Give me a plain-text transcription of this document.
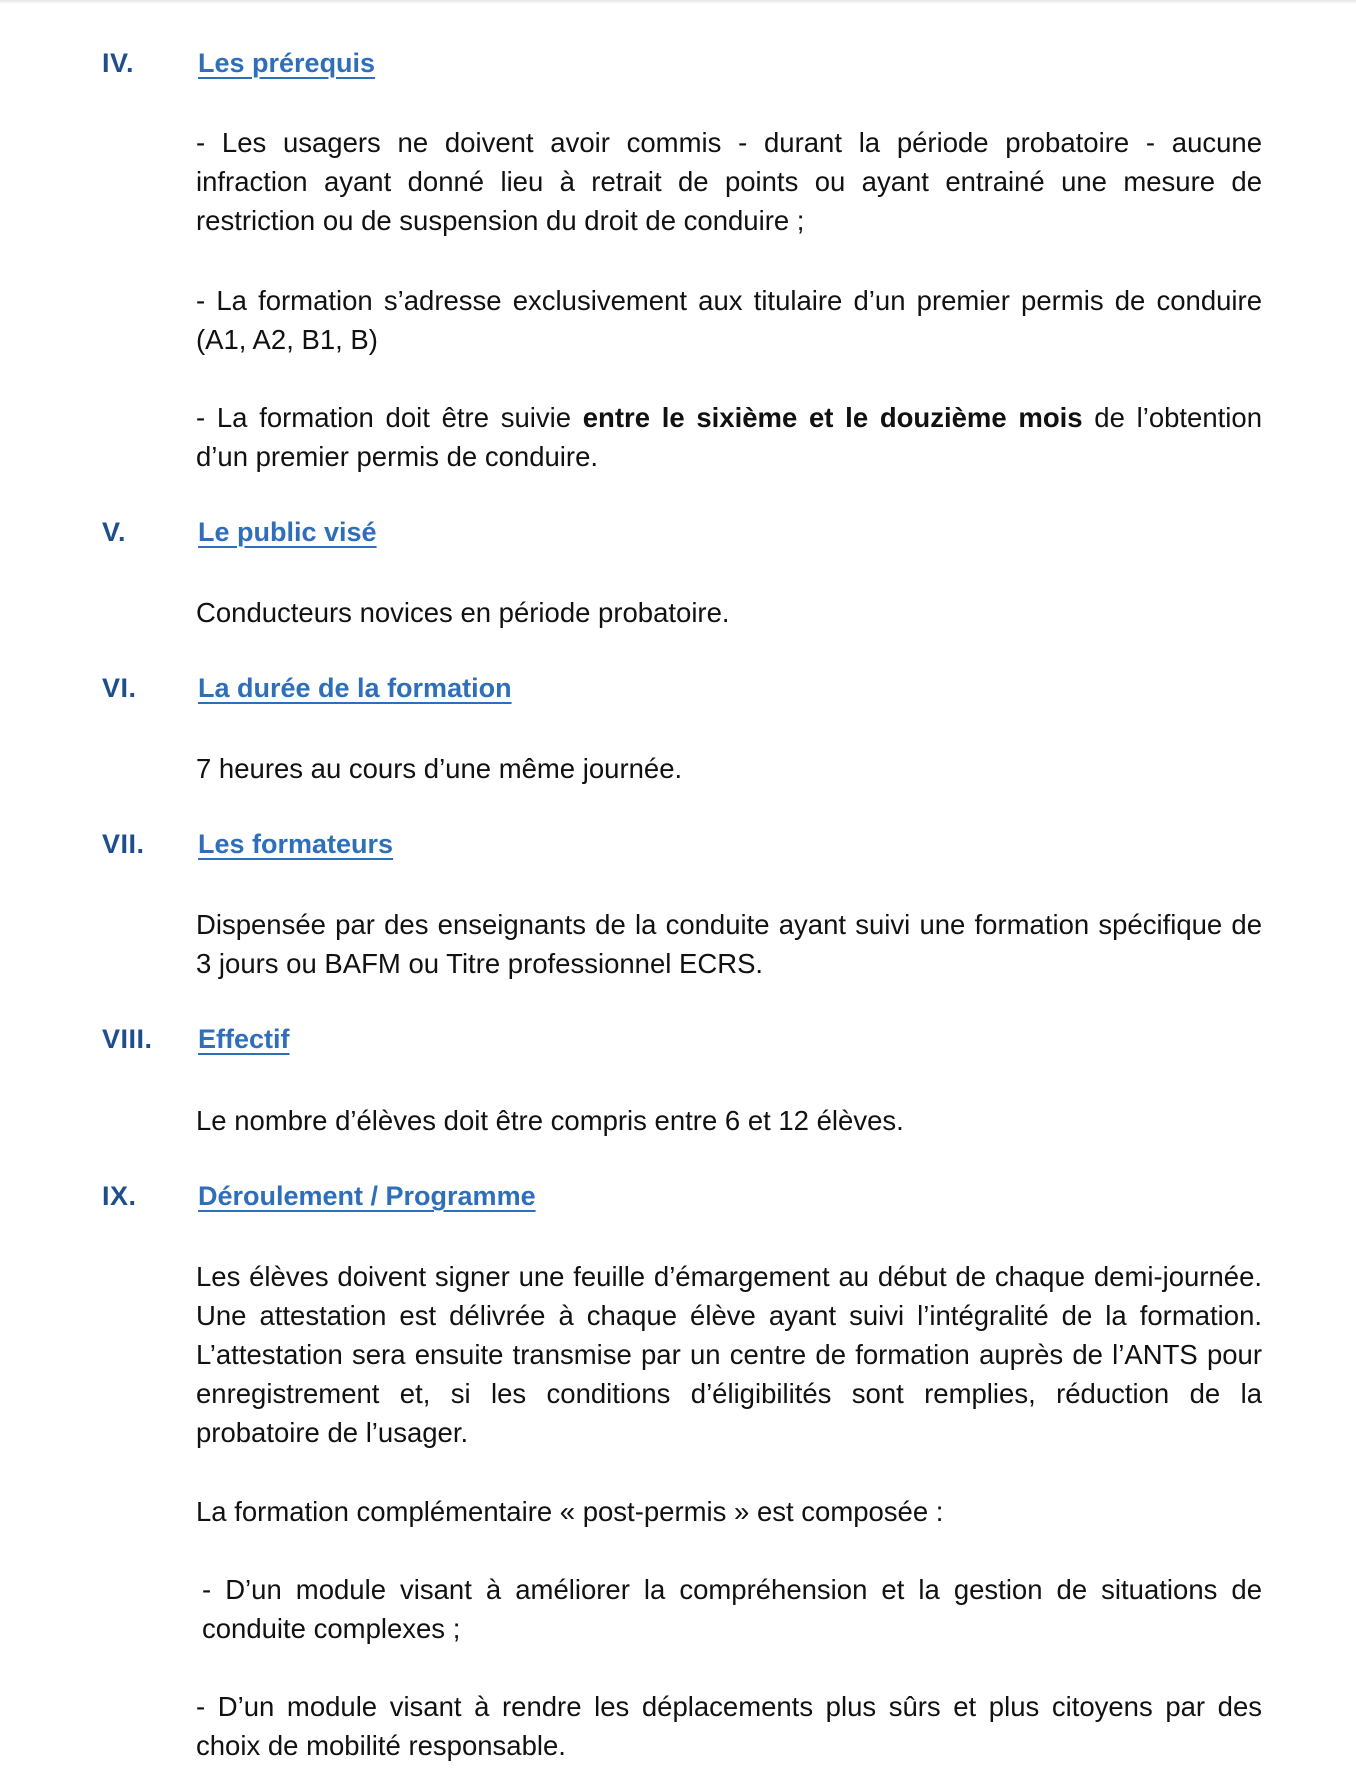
IV. Les prérequis
- Les usagers ne doivent avoir commis - durant la période probatoire - aucune infraction ayant donné lieu à retrait de points ou ayant entrainé une mesure de restriction ou de suspension du droit de conduire ;
- La formation s’adresse exclusivement aux titulaire d’un premier permis de conduire (A1, A2, B1, B)
- La formation doit être suivie entre le sixième et le douzième mois de l’obtention d’un premier permis de conduire.
V.	Le public visé
Conducteurs novices en période probatoire.
VI. La durée de la formation
7 heures au cours d’une même journée.
VII. Les formateurs
Dispensée par des enseignants de la conduite ayant suivi une formation spécifique de 3 jours ou BAFM ou Titre professionnel ECRS.
VIII. Effectif
Le nombre d’élèves doit être compris entre 6 et 12 élèves.
IX. Déroulement / Programme
Les élèves doivent signer une feuille d’émargement au début de chaque demi-journée. Une attestation est délivrée à chaque élève ayant suivi l’intégralité de la formation. L’attestation sera ensuite transmise par un centre de formation auprès de l’ANTS pour enregistrement et, si les conditions d’éligibilités sont remplies, réduction de la probatoire de l’usager.
La formation complémentaire « post-permis » est composée :
- D’un module visant à améliorer la compréhension et la gestion de situations de conduite complexes ;
- D’un module visant à rendre les déplacements plus sûrs et plus citoyens par des choix de mobilité responsable.
